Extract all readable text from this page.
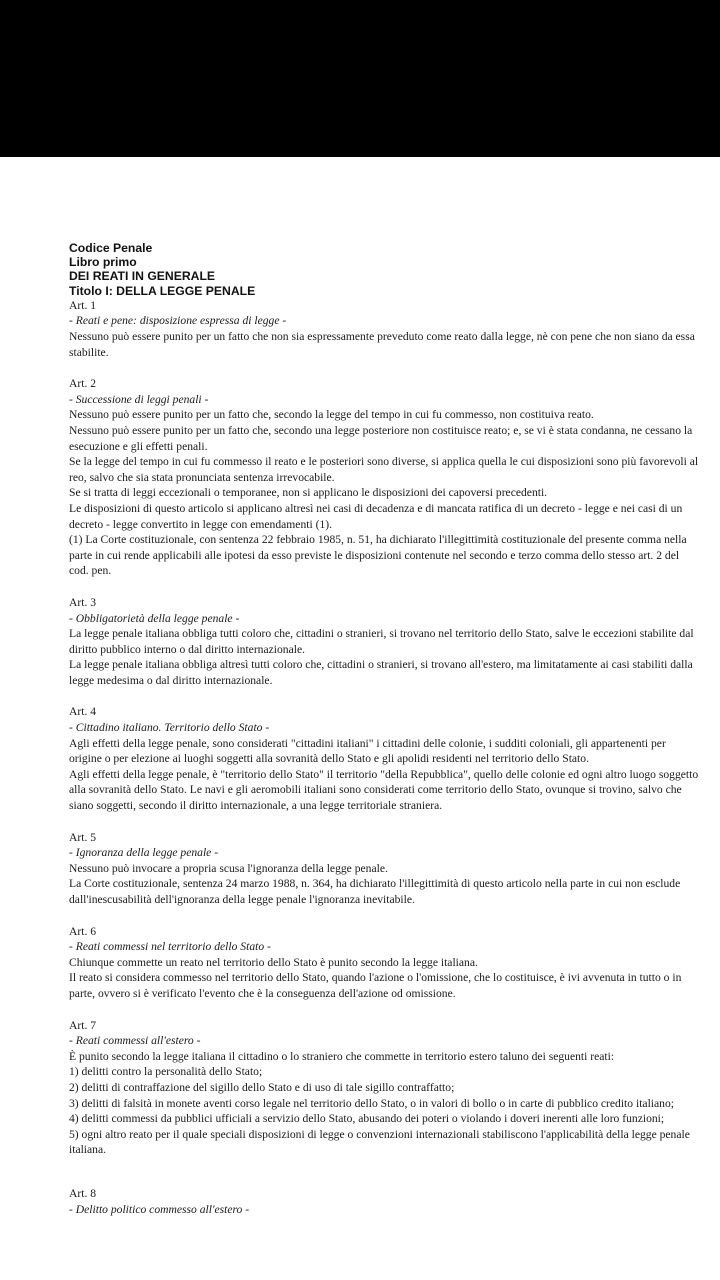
Codice Penale
Libro primo
DEI REATI IN GENERALE
Titolo I: DELLA LEGGE PENALE
Art. 1
- Reati e pene: disposizione espressa di legge -
Nessuno può essere punito per un fatto che non sia espressamente preveduto come reato dalla legge, nè con pene che non siano da essa stabilite.
Art. 2
- Successione di leggi penali -
Nessuno può essere punito per un fatto che, secondo la legge del tempo in cui fu commesso, non costituiva reato.
Nessuno può essere punito per un fatto che, secondo una legge posteriore non costituisce reato; e, se vi è stata condanna, ne cessano la esecuzione e gli effetti penali.
Se la legge del tempo in cui fu commesso il reato e le posteriori sono diverse, si applica quella le cui disposizioni sono più favorevoli al reo, salvo che sia stata pronunciata sentenza irrevocabile.
Se si tratta di leggi eccezionali o temporanee, non si applicano le disposizioni dei capoversi precedenti.
Le disposizioni di questo articolo si applicano altresì nei casi di decadenza e di mancata ratifica di un decreto - legge e nei casi di un decreto - legge convertito in legge con emendamenti (1).
(1) La Corte costituzionale, con sentenza 22 febbraio 1985, n. 51, ha dichiarato l'illegittimità costituzionale del presente comma nella parte in cui rende applicabili alle ipotesi da esso previste le disposizioni contenute nel secondo e terzo comma dello stesso art. 2 del cod. pen.
Art. 3
- Obbligatorietà della legge penale -
La legge penale italiana obbliga tutti coloro che, cittadini o stranieri, si trovano nel territorio dello Stato, salve le eccezioni stabilite dal diritto pubblico interno o dal diritto internazionale.
La legge penale italiana obbliga altresì tutti coloro che, cittadini o stranieri, si trovano all'estero, ma limitatamente ai casi stabiliti dalla legge medesima o dal diritto internazionale.
Art. 4
- Cittadino italiano. Territorio dello Stato -
Agli effetti della legge penale, sono considerati "cittadini italiani" i cittadini delle colonie, i sudditi coloniali, gli appartenenti per origine o per elezione ai luoghi soggetti alla sovranità dello Stato e gli apolidi residenti nel territorio dello Stato.
Agli effetti della legge penale, è "territorio dello Stato" il territorio "della Repubblica", quello delle colonie ed ogni altro luogo soggetto alla sovranità dello Stato. Le navi e gli aeromobili italiani sono considerati come territorio dello Stato, ovunque si trovino, salvo che siano soggetti, secondo il diritto internazionale, a una legge territoriale straniera.
Art. 5
- Ignoranza della legge penale -
Nessuno può invocare a propria scusa l'ignoranza della legge penale.
La Corte costituzionale, sentenza 24 marzo 1988, n. 364, ha dichiarato l'illegittimità di questo articolo nella parte in cui non esclude dall'inescusabilità dell'ignoranza della legge penale l'ignoranza inevitabile.
Art. 6
- Reati commessi nel territorio dello Stato -
Chiunque commette un reato nel territorio dello Stato è punito secondo la legge italiana.
Il reato si considera commesso nel territorio dello Stato, quando l'azione o l'omissione, che lo costituisce, è ivi avvenuta in tutto o in parte, ovvero si è verificato l'evento che è la conseguenza dell'azione od omissione.
Art. 7
- Reati commessi all'estero -
È punito secondo la legge italiana il cittadino o lo straniero che commette in territorio estero taluno dei seguenti reati:
1) delitti contro la personalità dello Stato;
2) delitti di contraffazione del sigillo dello Stato e di uso di tale sigillo contraffatto;
3) delitti di falsità in monete aventi corso legale nel territorio dello Stato, o in valori di bollo o in carte di pubblico credito italiano;
4) delitti commessi da pubblici ufficiali a servizio dello Stato, abusando dei poteri o violando i doveri inerenti alle loro funzioni;
5) ogni altro reato per il quale speciali disposizioni di legge o convenzioni internazionali stabiliscono l'applicabilità della legge penale italiana.
Art. 8
- Delitto politico commesso all'estero -
